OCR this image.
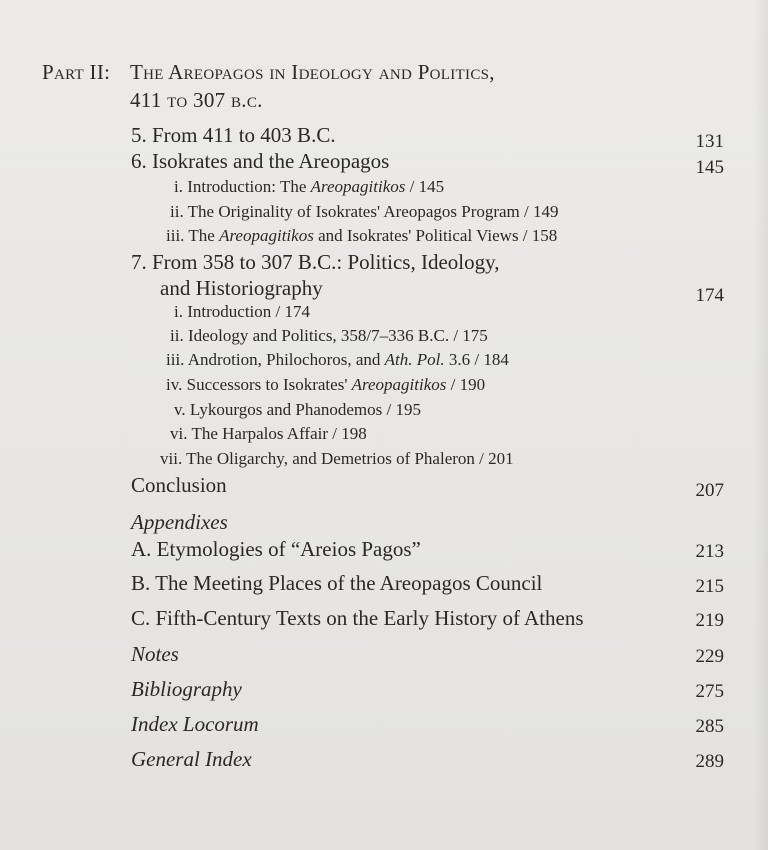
Part II: The Areopagos in Ideology and Politics,
411 to 307 b.c.
5. From 411 to 403 B.C.	131
6. Isokrates and the Areopagos	145
i. Introduction: The Areopagitikos / 145
ii. The Originality of Isokrates' Areopagos Program / 149
iii. The Areopagitikos and Isokrates' Political Views / 158
7. From 358 to 307 B.C.: Politics, Ideology,
and Historiography	174
i. Introduction / 174
ii. Ideology and Politics, 358/7–336 B.C. / 175
iii. Androtion, Philochoros, and Ath. Pol. 3.6 / 184
iv. Successors to Isokrates' Areopagitikos / 190
v. Lykourgos and Phanodemos / 195
vi. The Harpalos Affair / 198
vii. The Oligarchy, and Demetrios of Phaleron / 201
Conclusion	207
Appendixes
A. Etymologies of “Areios Pagos”	213
B. The Meeting Places of the Areopagos Council	215
C. Fifth-Century Texts on the Early History of Athens	219
Notes	229
Bibliography	275
Index Locorum	285
General Index	289
